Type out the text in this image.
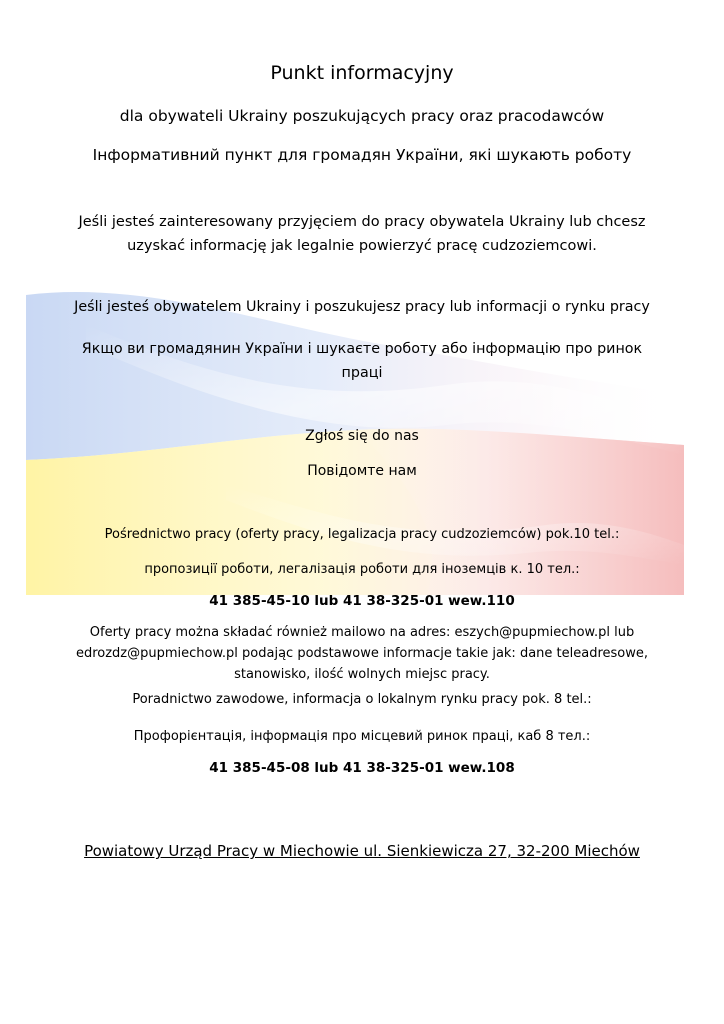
Punkt informacyjny
dla obywateli Ukrainy poszukujących pracy oraz pracodawców
Інформативний пункт для громадян України, які шукають роботу
Jeśli jesteś zainteresowany przyjęciem do pracy obywatela Ukrainy lub chcesz
uzyskać informację jak legalnie powierzyć pracę cudzoziemcowi.
Jeśli jesteś obywatelem Ukrainy i poszukujesz pracy lub informacji o rynku pracy
Якщо ви громадянин України і шукаєте роботу або інформацію про ринок
праці
Zgłoś się do nas
Повідомте нам
Pośrednictwo pracy (oferty pracy, legalizacja pracy cudzoziemców) pok.10 tel.:
пропозиції роботи, легалізація роботи для іноземців к. 10 тел.:
41 385-45-10 lub 41 38-325-01 wew.110
Oferty pracy można składać również mailowo na adres: eszych@pupmiechow.pl lub
edrozdz@pupmiechow.pl podając podstawowe informacje takie jak: dane teleadresowe,
stanowisko, ilość wolnych miejsc pracy.
Poradnictwo zawodowe, informacja o lokalnym rynku pracy pok. 8 tel.:
Профорієнтація, інформація про місцевий ринок праці, каб 8 тел.:
41 385-45-08 lub 41 38-325-01 wew.108
Powiatowy Urząd Pracy w Miechowie ul. Sienkiewicza 27, 32-200 Miechów
